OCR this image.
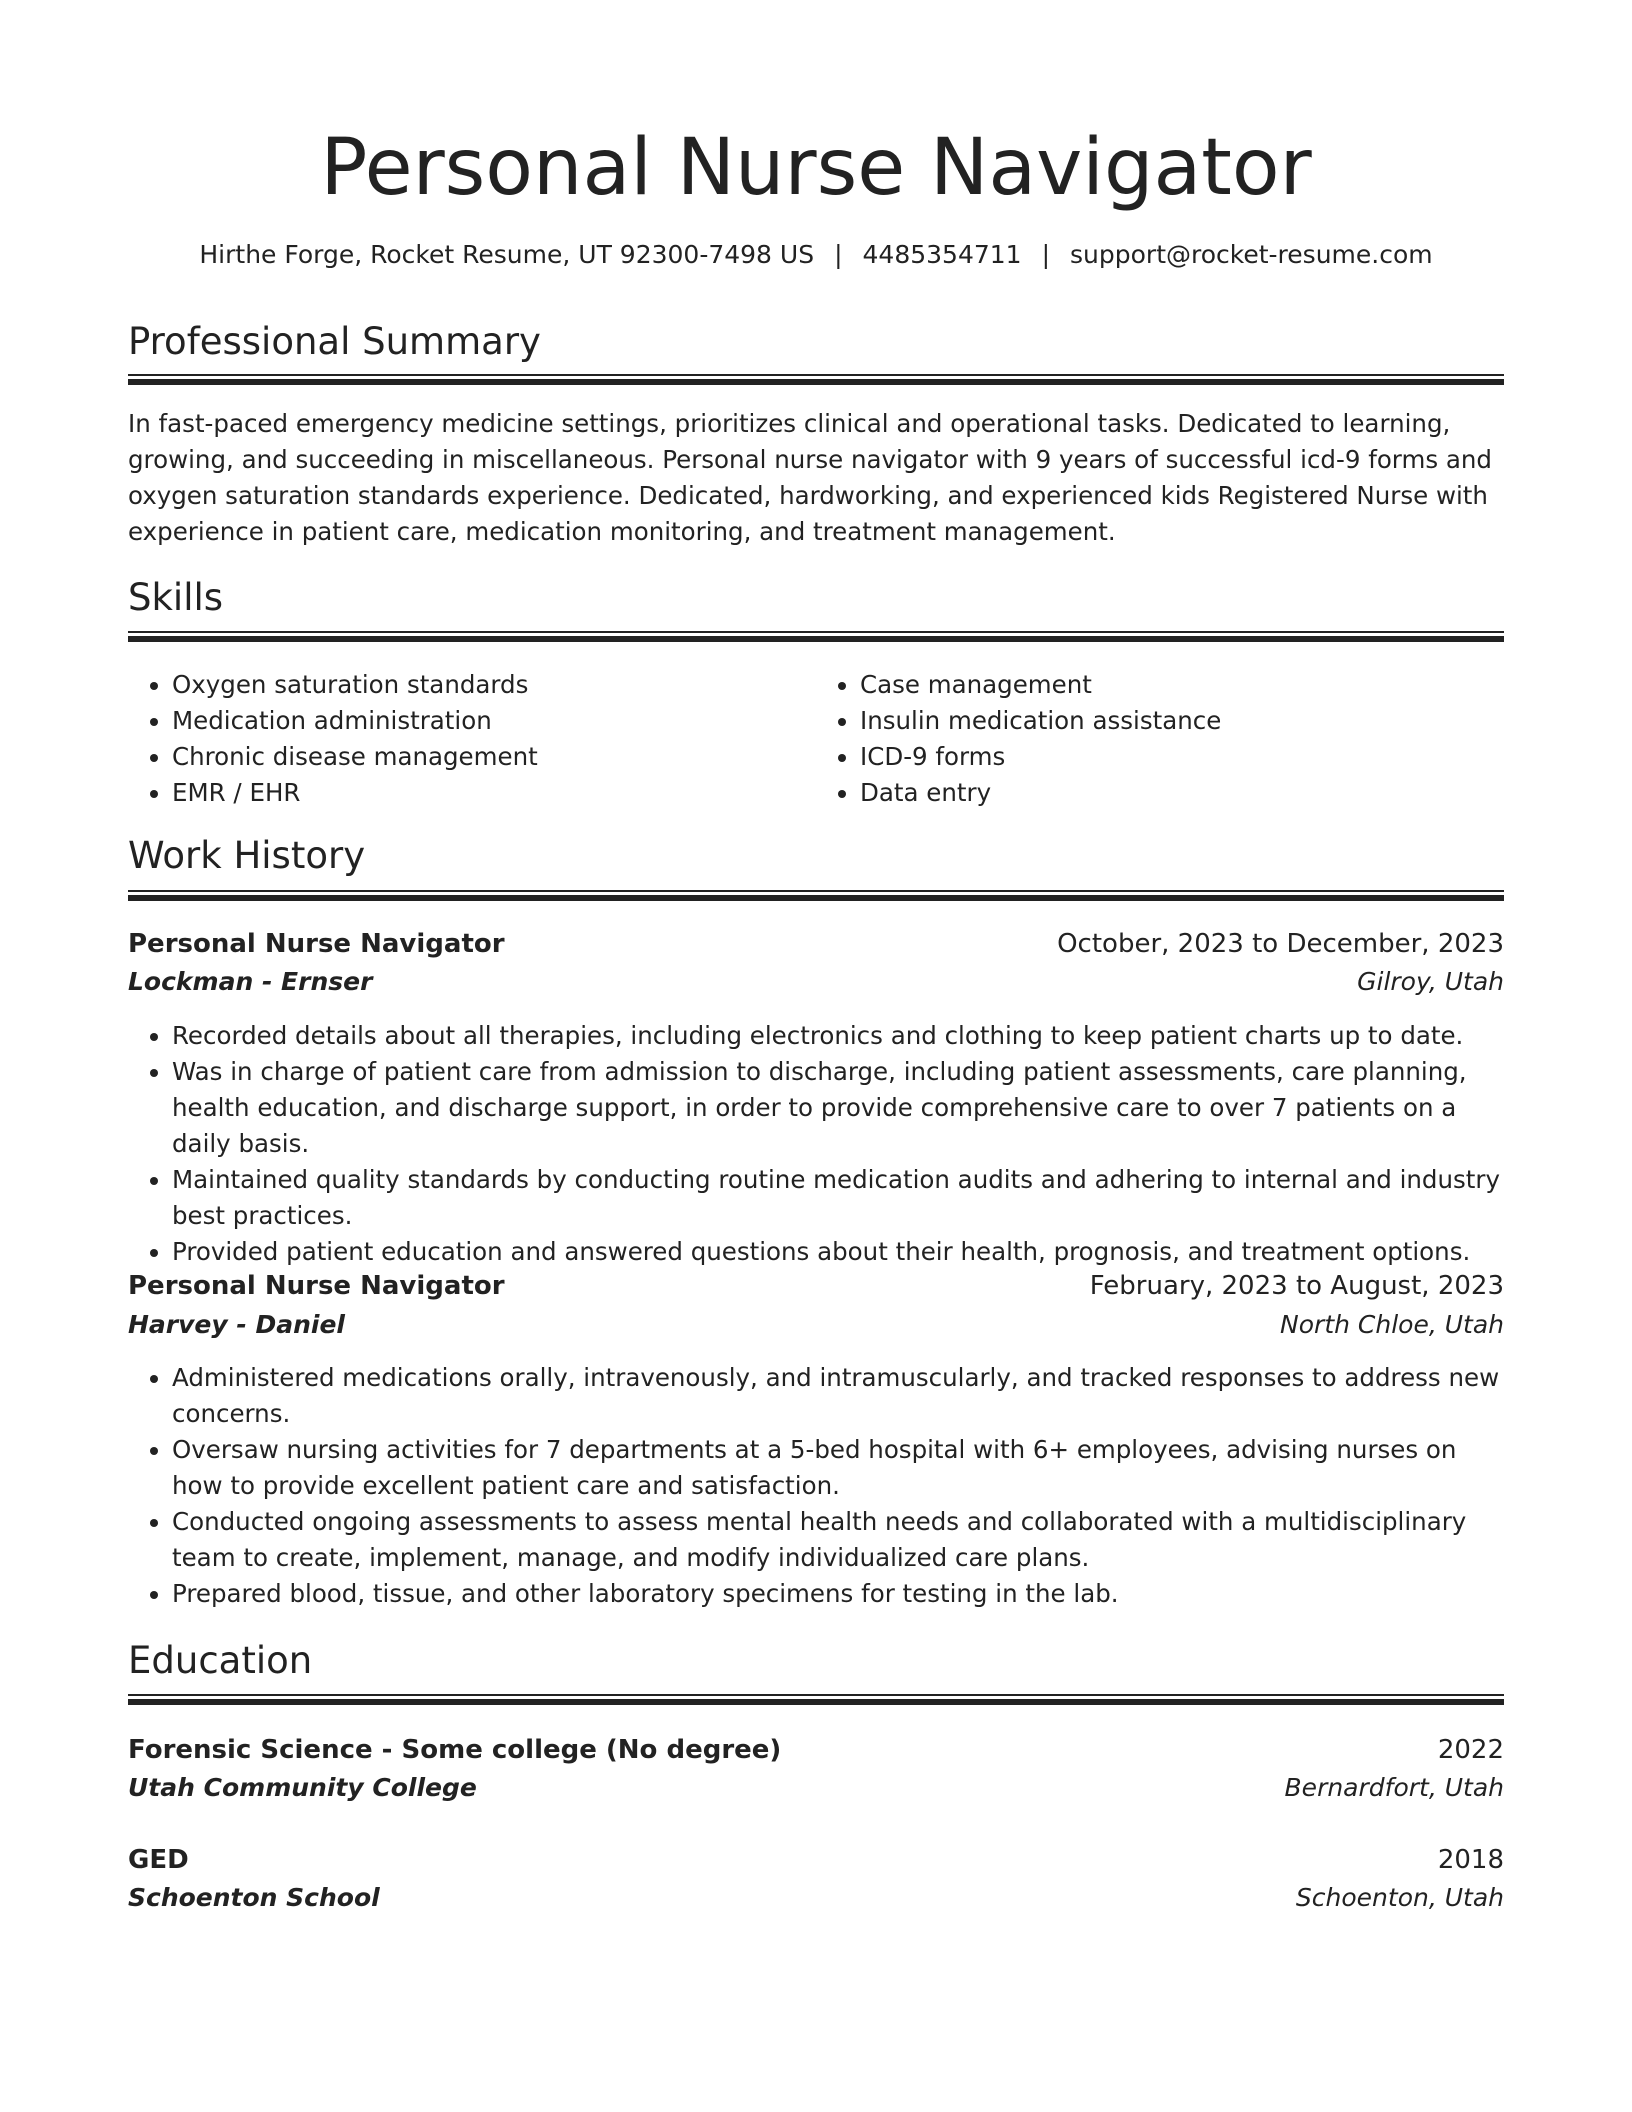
Personal Nurse Navigator
Hirthe Forge, Rocket Resume, UT 92300-7498 US | 4485354711 | support@rocket-resume.com
Professional Summary

In fast-paced emergency medicine settings, prioritizes clinical and operational tasks. Dedicated to learning, growing, and succeeding in miscellaneous. Personal nurse navigator with 9 years of successful icd-9 forms and oxygen saturation standards experience. Dedicated, hardworking, and experienced kids Registered Nurse with experience in patient care, medication monitoring, and treatment management.

Skills
• Oxygen saturation standards
• Medication administration
• Chronic disease management
• EMR / EHR
• Case management
• Insulin medication assistance
• ICD-9 forms
• Data entry
Work History
Personal Nurse Navigator	October, 2023 to December, 2023
Lockman - Ernser	Gilroy, Utah
• Recorded details about all therapies, including electronics and clothing to keep patient charts up to date.
• Was in charge of patient care from admission to discharge, including patient assessments, care planning, health education, and discharge support, in order to provide comprehensive care to over 7 patients on a daily basis.
• Maintained quality standards by conducting routine medication audits and adhering to internal and industry best practices.
• Provided patient education and answered questions about their health, prognosis, and treatment options.
Personal Nurse Navigator	February, 2023 to August, 2023
Harvey - Daniel	North Chloe, Utah
• Administered medications orally, intravenously, and intramuscularly, and tracked responses to address new concerns.
• Oversaw nursing activities for 7 departments at a 5-bed hospital with 6+ employees, advising nurses on how to provide excellent patient care and satisfaction.
• Conducted ongoing assessments to assess mental health needs and collaborated with a multidisciplinary team to create, implement, manage, and modify individualized care plans.
• Prepared blood, tissue, and other laboratory specimens for testing in the lab.
Education
Forensic Science - Some college (No degree)	2022
Utah Community College	Bernardfort, Utah
GED	2018
Schoenton School	Schoenton, Utah
